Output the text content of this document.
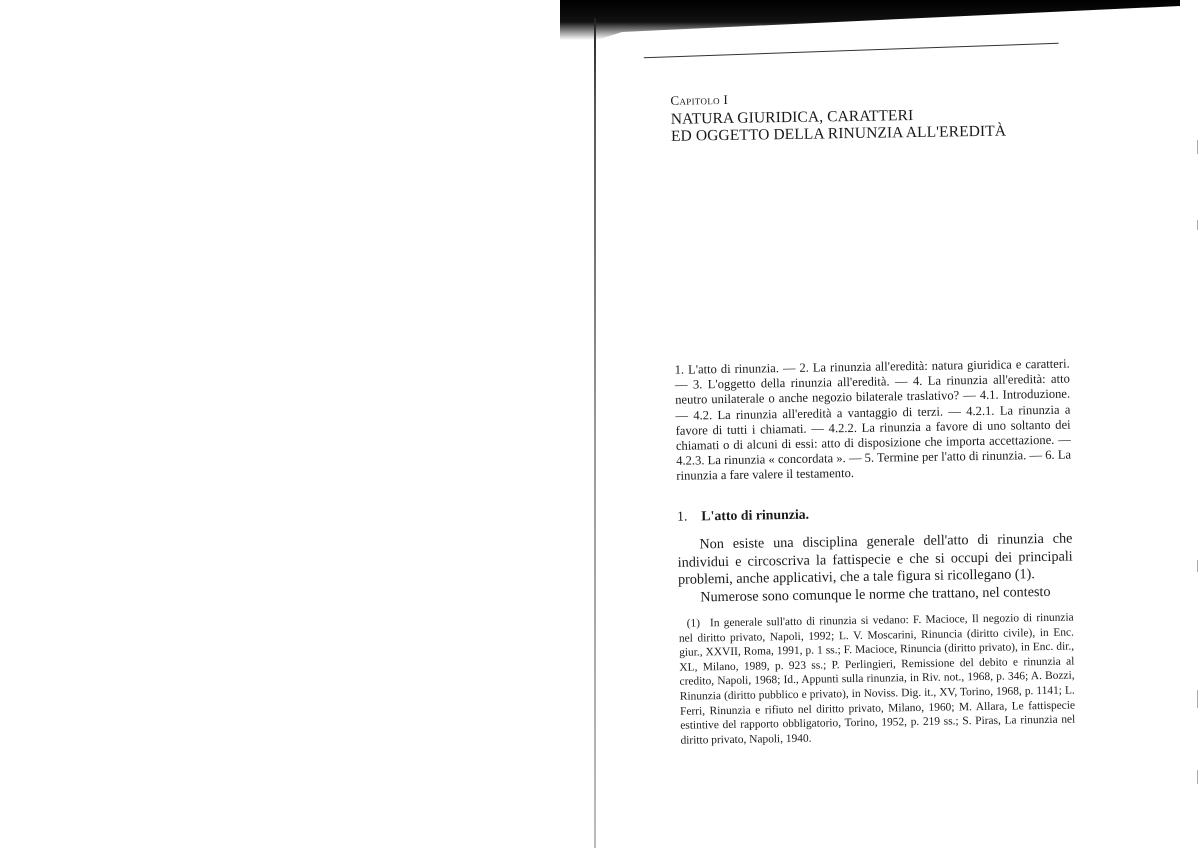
Capitolo I
NATURA GIURIDICA, CARATTERI
ED OGGETTO DELLA RINUNZIA ALL'EREDITÀ

1. L'atto di rinunzia. — 2. La rinunzia all'eredità: natura giuridica e caratteri. — 3. L'oggetto della rinunzia all'eredità. — 4. La rinunzia all'eredità: atto neutro unilaterale o anche negozio bilaterale traslativo? — 4.1. Introduzione. — 4.2. La rinunzia all'eredità a vantaggio di terzi. — 4.2.1. La rinunzia a favore di tutti i chiamati. — 4.2.2. La rinunzia a favore di uno soltanto dei chiamati o di alcuni di essi: atto di disposizione che importa accettazione. — 4.2.3. La rinunzia « concordata ». — 5. Termine per l'atto di rinunzia. — 6. La rinunzia a fare valere il testamento.

1. L'atto di rinunzia.

Non esiste una disciplina generale dell'atto di rinunzia che individui e circoscriva la fattispecie e che si occupi dei principali problemi, anche applicativi, che a tale figura si ricollegano (1).

Numerose sono comunque le norme che trattano, nel contesto

(1) In generale sull'atto di rinunzia si vedano: F. Macioce, Il negozio di rinunzia nel diritto privato, Napoli, 1992; L. V. Moscarini, Rinuncia (diritto civile), in Enc. giur., XXVII, Roma, 1991, p. 1 ss.; F. Macioce, Rinuncia (diritto privato), in Enc. dir., XL, Milano, 1989, p. 923 ss.; P. Perlingieri, Remissione del debito e rinunzia al credito, Napoli, 1968; Id., Appunti sulla rinunzia, in Riv. not., 1968, p. 346; A. Bozzi, Rinunzia (diritto pubblico e privato), in Noviss. Dig. it., XV, Torino, 1968, p. 1141; L. Ferri, Rinunzia e rifiuto nel diritto privato, Milano, 1960; M. Allara, Le fattispecie estintive del rapporto obbligatorio, Torino, 1952, p. 219 ss.; S. Piras, La rinunzia nel diritto privato, Napoli, 1940.
